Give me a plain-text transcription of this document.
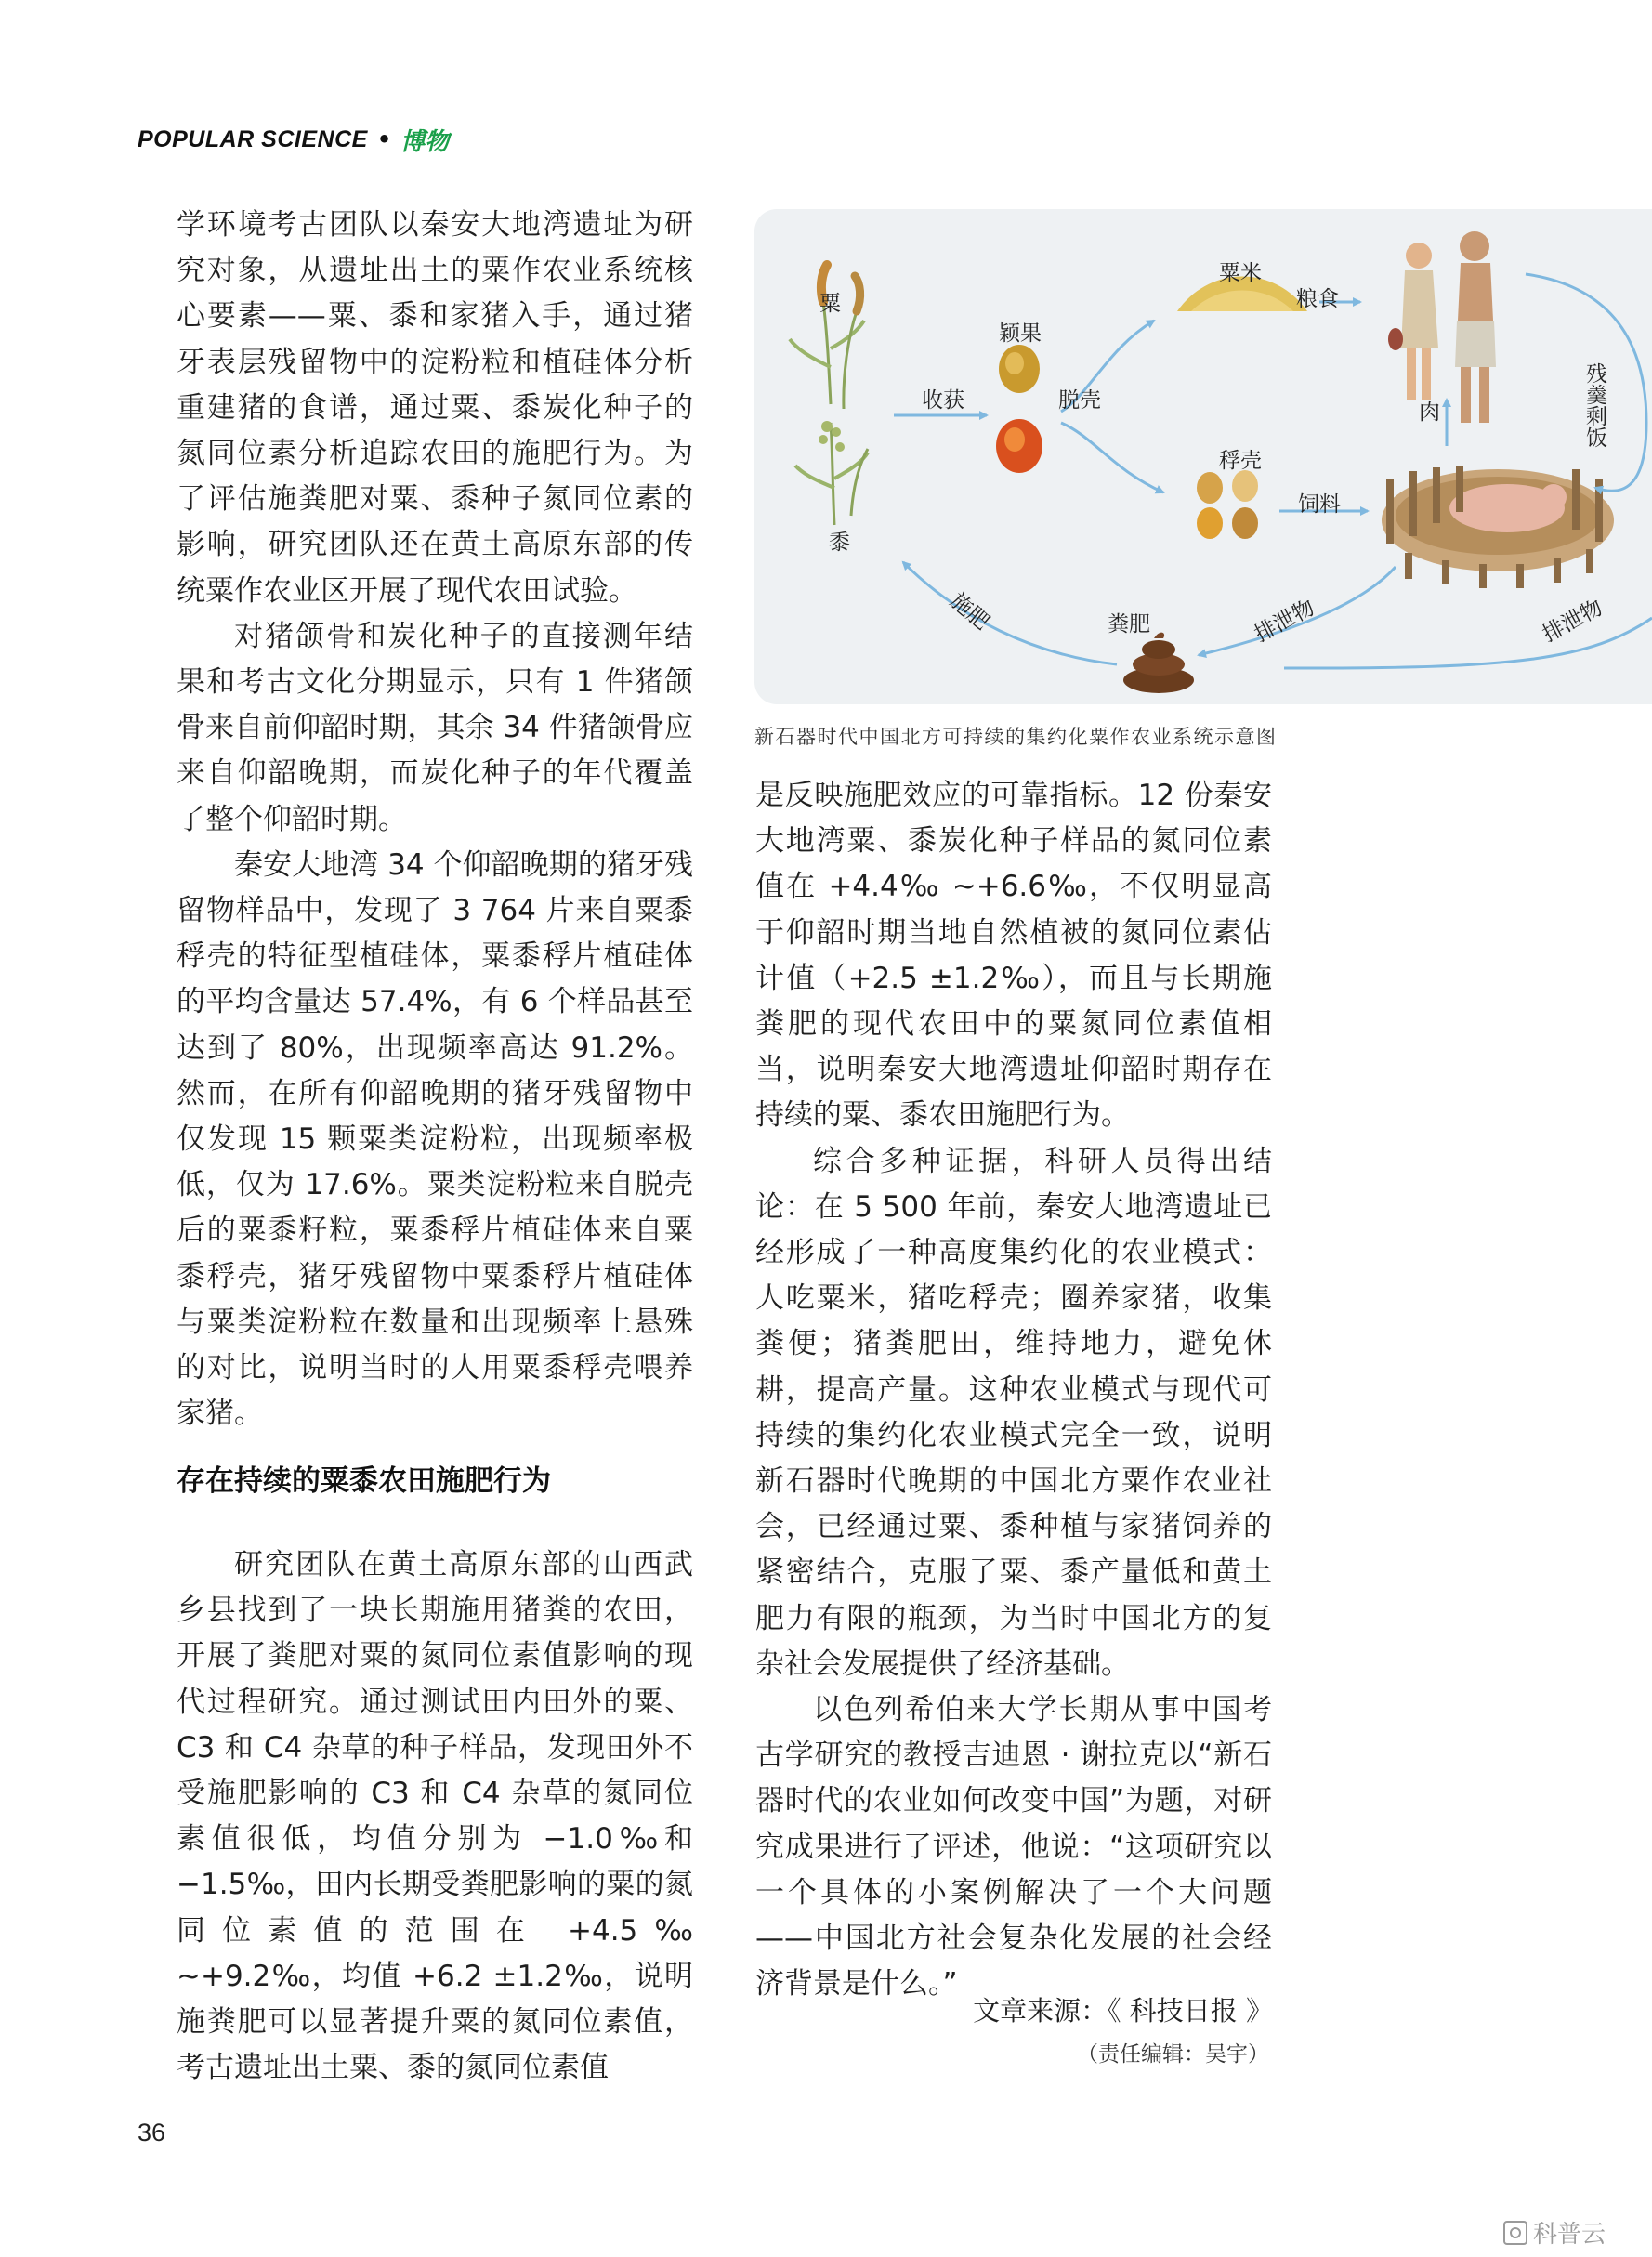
POPULAR SCIENCE • 博物

学环境考古团队以秦安大地湾遗址为研究对象，从遗址出土的粟作农业系统核心要素——粟、黍和家猪入手，通过猪牙表层残留物中的淀粉粒和植硅体分析重建猪的食谱，通过粟、黍炭化种子的氮同位素分析追踪农田的施肥行为。为了评估施粪肥对粟、黍种子氮同位素的影响，研究团队还在黄土高原东部的传统粟作农业区开展了现代农田试验。

对猪颌骨和炭化种子的直接测年结果和考古文化分期显示，只有 1 件猪颌骨来自前仰韶时期，其余 34 件猪颌骨应来自仰韶晚期，而炭化种子的年代覆盖了整个仰韶时期。

秦安大地湾 34 个仰韶晚期的猪牙残留物样品中，发现了 3 764 片来自粟黍稃壳的特征型植硅体，粟黍稃片植硅体的平均含量达 57.4%，有 6 个样品甚至达到了 80%，出现频率高达 91.2%。然而，在所有仰韶晚期的猪牙残留物中仅发现 15 颗粟类淀粉粒，出现频率极低，仅为 17.6%。粟类淀粉粒来自脱壳后的粟黍籽粒，粟黍稃片植硅体来自粟黍稃壳，猪牙残留物中粟黍稃片植硅体与粟类淀粉粒在数量和出现频率上悬殊的对比，说明当时的人用粟黍稃壳喂养家猪。

存在持续的粟黍农田施肥行为

研究团队在黄土高原东部的山西武乡县找到了一块长期施用猪粪的农田，开展了粪肥对粟的氮同位素值影响的现代过程研究。通过测试田内田外的粟、C3 和 C4 杂草的种子样品，发现田外不受施肥影响的 C3 和 C4 杂草的氮同位素值很低，均值分别为 −1.0‰和 −1.5‰，田内长期受粪肥影响的粟的氮同位素值的范围在 +4.5‰ ~+9.2‰，均值 +6.2 ±1.2‰，说明施粪肥可以显著提升粟的氮同位素值，考古遗址出土粟、黍的氮同位素值

粟
黍
颖果
收获	脱壳
粟米
粮食
稃壳
饲料
肉	残羹剩饭
排泄物	排泄物
粪肥
施肥
新石器时代中国北方可持续的集约化粟作农业系统示意图

是反映施肥效应的可靠指标。12 份秦安大地湾粟、黍炭化种子样品的氮同位素值在 +4.4‰ ~+6.6‰，不仅明显高于仰韶时期当地自然植被的氮同位素估计值（+2.5 ±1.2‰），而且与长期施粪肥的现代农田中的粟氮同位素值相当，说明秦安大地湾遗址仰韶时期存在持续的粟、黍农田施肥行为。

综合多种证据，科研人员得出结论：在 5 500 年前，秦安大地湾遗址已经形成了一种高度集约化的农业模式：人吃粟米，猪吃稃壳；圈养家猪，收集粪便；猪粪肥田，维持地力，避免休耕，提高产量。这种农业模式与现代可持续的集约化农业模式完全一致，说明新石器时代晚期的中国北方粟作农业社会，已经通过粟、黍种植与家猪饲养的紧密结合，克服了粟、黍产量低和黄土肥力有限的瓶颈，为当时中国北方的复杂社会发展提供了经济基础。

以色列希伯来大学长期从事中国考古学研究的教授吉迪恩 · 谢拉克以“新石器时代的农业如何改变中国”为题，对研究成果进行了评述，他说：“这项研究以一个具体的小案例解决了一个大问题——中国北方社会复杂化发展的社会经济背景是什么。”

文章来源：《 科技日报 》
（责任编辑：吴宇）
36
科普云
